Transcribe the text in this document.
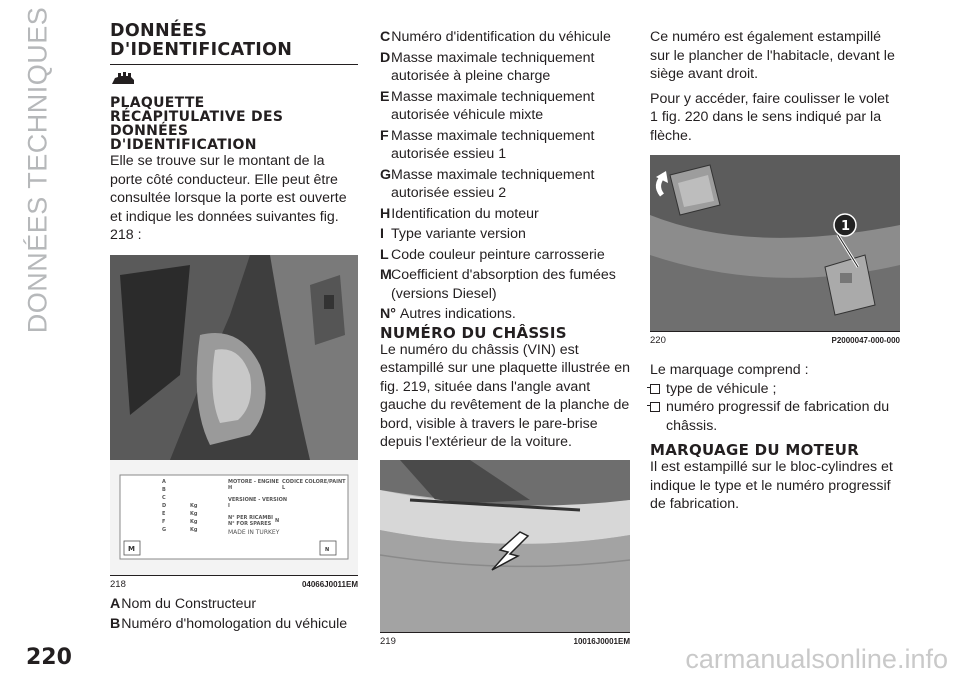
DONNÉES TECHNIQUES
220	carmanualsonline.info
DONNÉES
D'IDENTIFICATION
PLAQUETTE
RÉCAPITULATIVE DES
DONNÉES
D'IDENTIFICATION

Elle se trouve sur le montant de la porte côté conducteur. Elle peut être consultée lorsque la porte est ouverte et indique les données suivantes fig. 218 :

A
B
C
D
E
F
G
Kg
Kg
Kg
Kg
MOTORE - ENGINE
H
VERSIONE - VERSION
I
N° PER RICAMBI
N° FOR SPARES N
MADE IN TURKEY
CODICE COLORE/PAINT
L
M	N
218	04066J0011EM
A Nom du Constructeur
B Numéro d'homologation du véhicule
C Numéro d'identification du véhicule
D Masse maximale techniquement autorisée à pleine charge
E Masse maximale techniquement autorisée véhicule mixte
F Masse maximale techniquement autorisée essieu 1
G Masse maximale techniquement autorisée essieu 2
H Identification du moteur
I Type variante version
L Code couleur peinture carrosserie
M Coefficient d'absorption des fumées (versions Diesel)
N° Autres indications.
NUMÉRO DU CHÂSSIS

Le numéro du châssis (VIN) est estampillé sur une plaquette illustrée en fig. 219, située dans l'angle avant gauche du revêtement de la planche de bord, visible à travers le pare-brise depuis l'extérieur de la voiture.

219	10016J0001EM

Ce numéro est également estampillé sur le plancher de l'habitacle, devant le siège avant droit.

Pour y accéder, faire coulisser le volet 1 fig. 220 dans le sens indiqué par la flèche.

1
220	P2000047-000-000

Le marquage comprend :

type de véhicule ;
numéro progressif de fabrication du châssis.
MARQUAGE DU MOTEUR

Il est estampillé sur le bloc-cylindres et indique le type et le numéro progressif de fabrication.
